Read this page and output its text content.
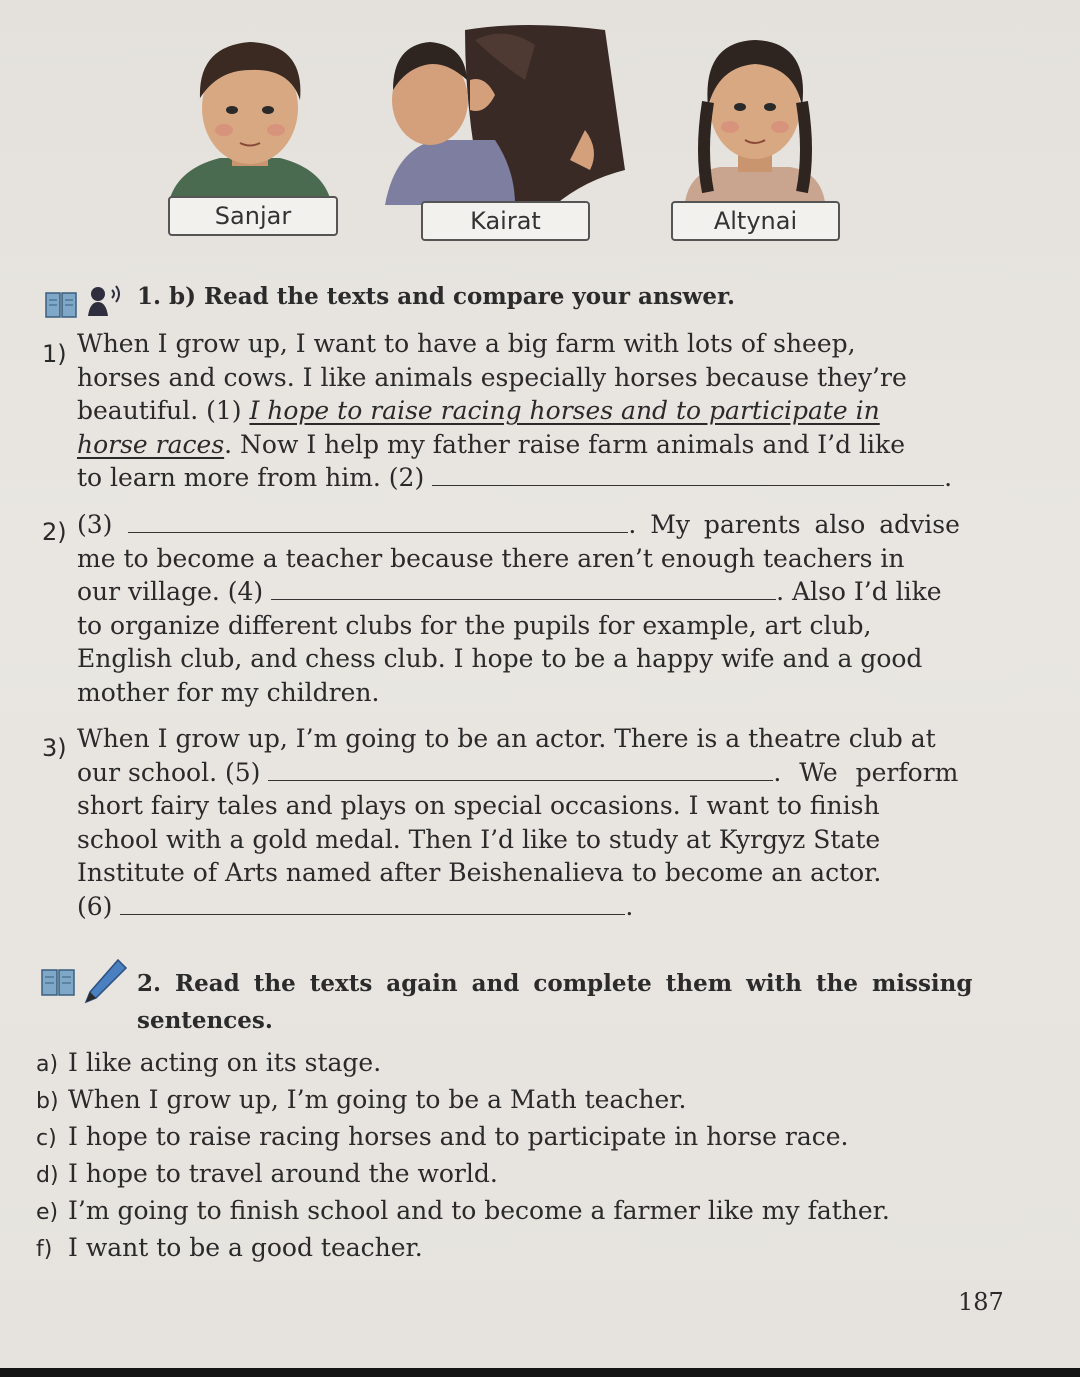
Sanjar	Kairat	Altynai
1. b) Read the texts and compare your answer.
1) When I grow up, I want to have a big farm with lots of sheep,
horses and cows. I like animals especially horses because they’re
beautiful. (1) I hope to raise racing horses and to participate in
horse races. Now I help my father raise farm animals and I’d like
to learn more from him. (2)	.
2) (3)	. My parents also advise
me to become a teacher because there aren’t enough teachers in
our village. (4)	. Also I’d like
to organize different clubs for the pupils for example, art club,
English club, and chess club. I hope to be a happy wife and a good
mother for my children.
3) When I grow up, I’m going to be an actor. There is a theatre club at
our school. (5)	. We perform
short fairy tales and plays on special occasions. I want to finish
school with a gold medal. Then I’d like to study at Kyrgyz State
Institute of Arts named after Beishenalieva to become an actor.
(6)	.
2. Read the texts again and complete them with the missing
sentences.
a) I like acting on its stage.
b) When I grow up, I’m going to be a Math teacher.
c) I hope to raise racing horses and to participate in horse race.
d) I hope to travel around the world.
e) I’m going to finish school and to become a farmer like my father.
f) I want to be a good teacher.
187
